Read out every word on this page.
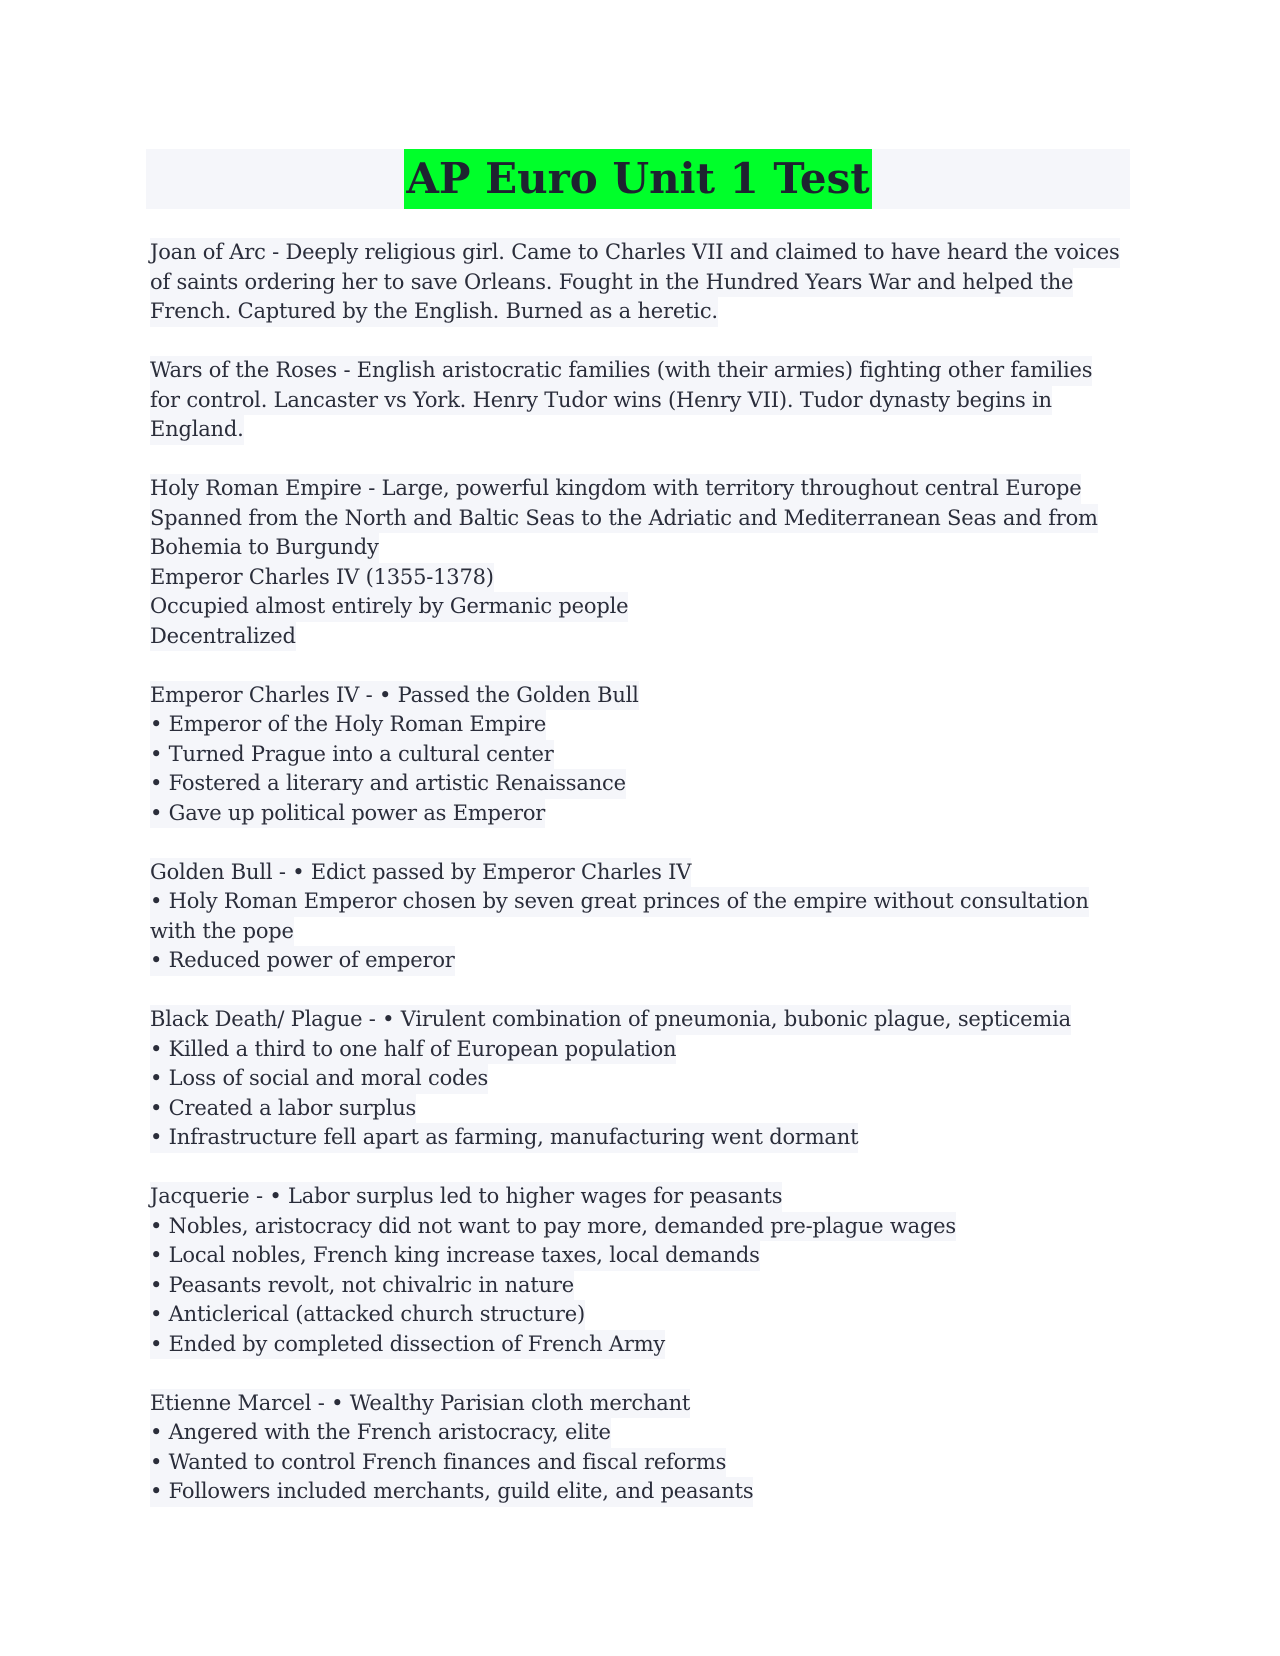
AP Euro Unit 1 Test
Joan of Arc - Deeply religious girl. Came to Charles VII and claimed to have heard the voices
of saints ordering her to save Orleans. Fought in the Hundred Years War and helped the
French. Captured by the English. Burned as a heretic.
Wars of the Roses - English aristocratic families (with their armies) fighting other families
for control. Lancaster vs York. Henry Tudor wins (Henry VII). Tudor dynasty begins in
England.
Holy Roman Empire - Large, powerful kingdom with territory throughout central Europe
Spanned from the North and Baltic Seas to the Adriatic and Mediterranean Seas and from
Bohemia to Burgundy
Emperor Charles IV (1355-1378)
Occupied almost entirely by Germanic people
Decentralized
Emperor Charles IV - • Passed the Golden Bull
• Emperor of the Holy Roman Empire
• Turned Prague into a cultural center
• Fostered a literary and artistic Renaissance
• Gave up political power as Emperor
Golden Bull - • Edict passed by Emperor Charles IV
• Holy Roman Emperor chosen by seven great princes of the empire without consultation
with the pope
• Reduced power of emperor
Black Death/ Plague - • Virulent combination of pneumonia, bubonic plague, septicemia
• Killed a third to one half of European population
• Loss of social and moral codes
• Created a labor surplus
• Infrastructure fell apart as farming, manufacturing went dormant
Jacquerie - • Labor surplus led to higher wages for peasants
• Nobles, aristocracy did not want to pay more, demanded pre-plague wages
• Local nobles, French king increase taxes, local demands
• Peasants revolt, not chivalric in nature
• Anticlerical (attacked church structure)
• Ended by completed dissection of French Army
Etienne Marcel - • Wealthy Parisian cloth merchant
• Angered with the French aristocracy, elite
• Wanted to control French finances and fiscal reforms
• Followers included merchants, guild elite, and peasants
